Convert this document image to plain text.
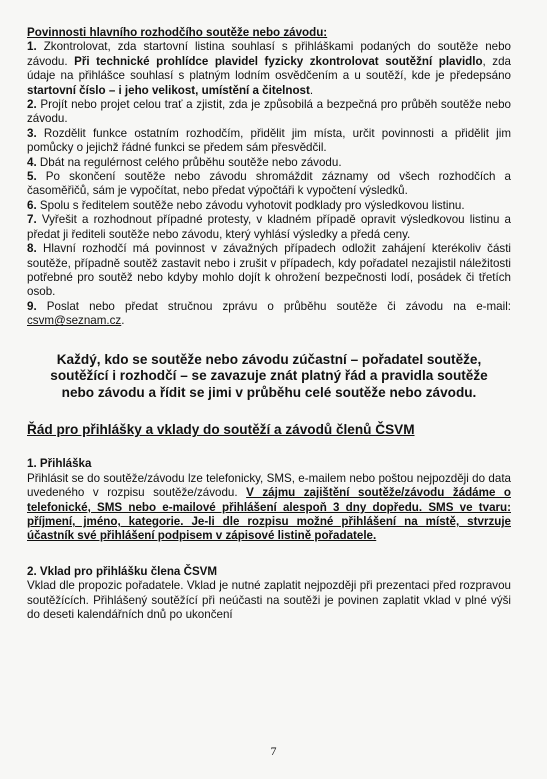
Povinnosti hlavního rozhodčího soutěže nebo závodu:

1. Zkontrolovat, zda startovní listina souhlasí s přihláškami podaných do soutěže nebo závodu. Při technické prohlídce plavidel fyzicky zkontrolovat soutěžní plavidlo, zda údaje na přihlášce souhlasí s platným lodním osvědčením a u soutěží, kde je předepsáno startovní číslo – i jeho velikost, umístění a čitelnost.

2. Projít nebo projet celou trať a zjistit, zda je způsobilá a bezpečná pro průběh soutěže nebo závodu.

3. Rozdělit funkce ostatním rozhodčím, přidělit jim místa, určit povinnosti a přidělit jim pomůcky o jejichž řádné funkci se předem sám přesvědčil.

4. Dbát na regulérnost celého průběhu soutěže nebo závodu.

5. Po skončení soutěže nebo závodu shromáždit záznamy od všech rozhodčích a časoměřičů, sám je vypočítat, nebo předat výpočtáři k vypočtení výsledků.

6. Spolu s ředitelem soutěže nebo závodu vyhotovit podklady pro výsledkovou listinu.

7. Vyřešit a rozhodnout případné protesty, v kladném případě opravit výsledkovou listinu a předat ji řediteli soutěže nebo závodu, který vyhlásí výsledky a předá ceny.

8. Hlavní rozhodčí má povinnost v závažných případech odložit zahájení kterékoliv části soutěže, případně soutěž zastavit nebo i zrušit v případech, kdy pořadatel nezajistil náležitosti potřebné pro soutěž nebo kdyby mohlo dojít k ohrožení bezpečnosti lodí, posádek či třetích osob.

9. Poslat nebo předat stručnou zprávu o průběhu soutěže či závodu na e-mail: csvm@seznam.cz.

Každý, kdo se soutěže nebo závodu zúčastní – pořadatel soutěže, soutěžící i rozhodčí – se zavazuje znát platný řád a pravidla soutěže nebo závodu a řídit se jimi v průběhu celé soutěže nebo závodu.

Řád pro přihlášky a vklady do soutěží a závodů členů ČSVM

1. Přihláška

Přihlásit se do soutěže/závodu lze telefonicky, SMS, e-mailem nebo poštou nejpozději do data uvedeného v rozpisu soutěže/závodu. V zájmu zajištění soutěže/závodu žádáme o telefonické, SMS nebo e-mailové přihlášení alespoň 3 dny dopředu. SMS ve tvaru: příjmení, jméno, kategorie. Je-li dle rozpisu možné přihlášení na místě, stvrzuje účastník své přihlášení podpisem v zápisové listině pořadatele.

2. Vklad pro přihlášku člena ČSVM

Vklad dle propozic pořadatele. Vklad je nutné zaplatit nejpozději při prezentaci před rozpravou soutěžících. Přihlášený soutěžící při neúčasti na soutěži je povinen zaplatit vklad v plné výši do deseti kalendářních dnů po ukončení

7
